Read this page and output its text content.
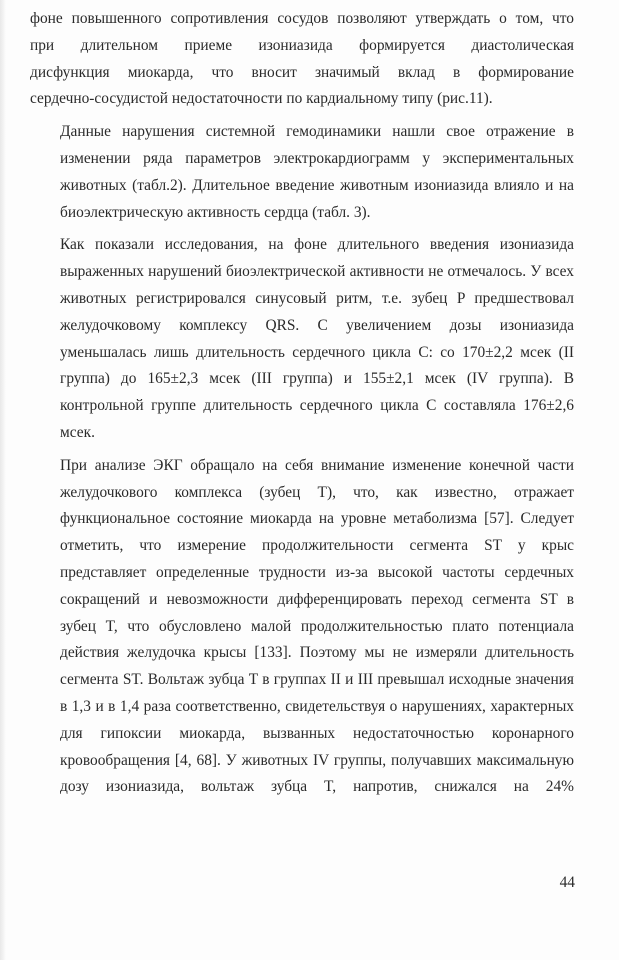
фоне повышенного сопротивления сосудов позволяют утверждать о том, что
при длительном приеме изониазида формируется диастолическая
дисфункция миокарда, что вносит значимый вклад в формирование
сердечно-сосудистой недостаточности по кардиальному типу (рис.11).

Данные нарушения системной гемодинамики нашли свое отражение в
изменении ряда параметров электрокардиограмм у экспериментальных
животных (табл.2). Длительное введение животным изониазида влияло и на
биоэлектрическую активность сердца (табл. 3).

Как показали исследования, на фоне длительного введения изониазида
выраженных нарушений биоэлектрической активности не отмечалось. У всех
животных регистрировался синусовый ритм, т.е. зубец P предшествовал
желудочковому комплексу QRS. С увеличением дозы изониазида
уменьшалась лишь длительность сердечного цикла C: со 170±2,2 мсек (II
группа) до 165±2,3 мсек (III группа) и 155±2,1 мсек (IV группа). В
контрольной группе длительность сердечного цикла C составляла 176±2,6
мсек.

При анализе ЭКГ обращало на себя внимание изменение конечной части
желудочкового комплекса (зубец T), что, как известно, отражает
функциональное состояние миокарда на уровне метаболизма [57]. Следует
отметить, что измерение продолжительности сегмента ST у крыс
представляет определенные трудности из-за высокой частоты сердечных
сокращений и невозможности дифференцировать переход сегмента ST в
зубец T, что обусловлено малой продолжительностью плато потенциала
действия желудочка крысы [133]. Поэтому мы не измеряли длительность
сегмента ST. Вольтаж зубца T в группах II и III превышал исходные значения
в 1,3 и в 1,4 раза соответственно, свидетельствуя о нарушениях, характерных
для гипоксии миокарда, вызванных недостаточностью коронарного
кровообращения [4, 68]. У животных IV группы, получавших максимальную
дозу изониазида, вольтаж зубца T, напротив, снижался на 24%

44
